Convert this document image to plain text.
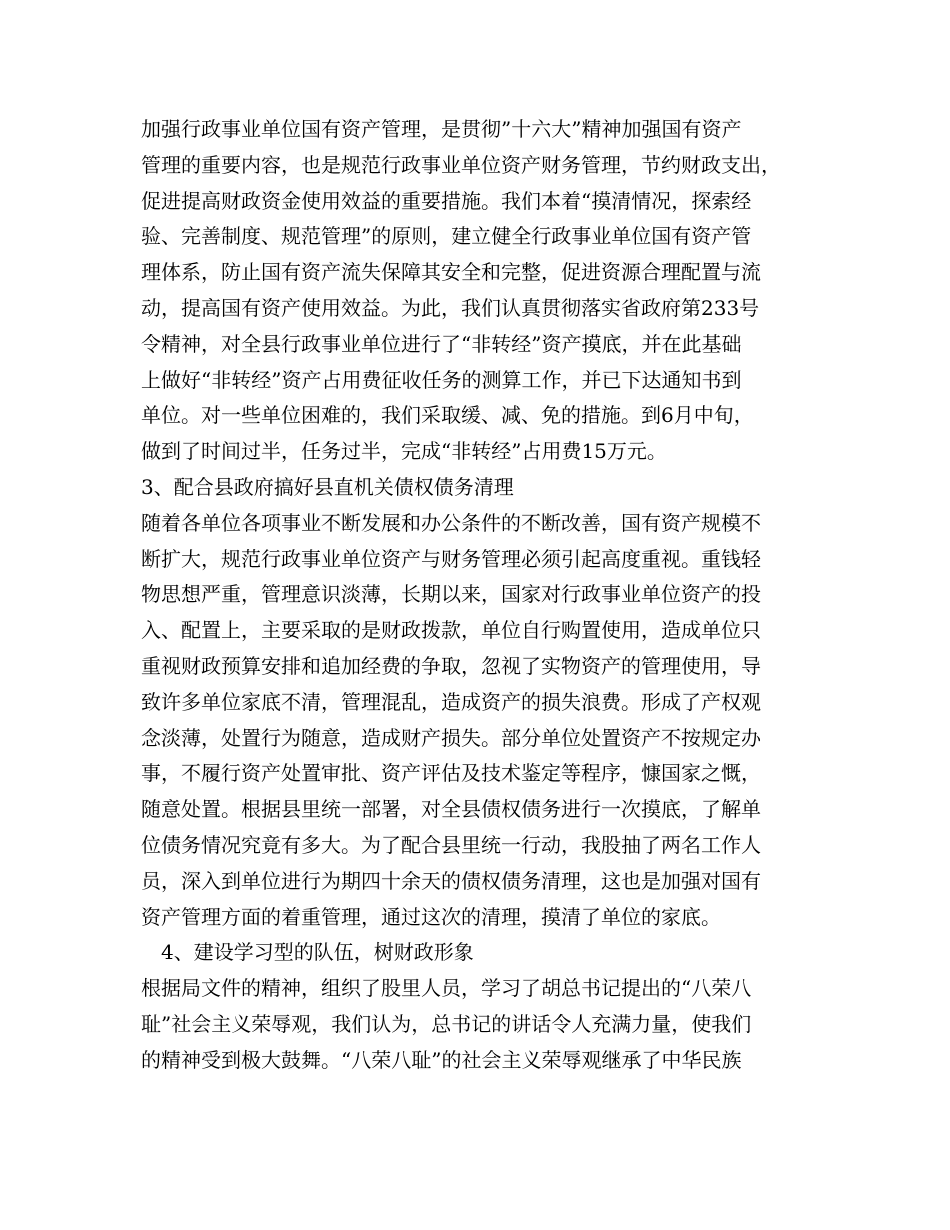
加强行政事业单位国有资产管理，是贯彻”十六大”精神加强国有资产
管理的重要内容，也是规范行政事业单位资产财务管理，节约财政支出，
促进提高财政资金使用效益的重要措施。我们本着“摸清情况，探索经
验、完善制度、规范管理”的原则，建立健全行政事业单位国有资产管
理体系，防止国有资产流失保障其安全和完整，促进资源合理配置与流
动，提高国有资产使用效益。为此，我们认真贯彻落实省政府第233号
令精神，对全县行政事业单位进行了“非转经”资产摸底，并在此基础
上做好“非转经”资产占用费征收任务的测算工作，并已下达通知书到
单位。对一些单位困难的，我们采取缓、减、免的措施。到6月中旬，
做到了时间过半，任务过半，完成“非转经”占用费15万元。
3、配合县政府搞好县直机关债权债务清理
随着各单位各项事业不断发展和办公条件的不断改善，国有资产规模不
断扩大，规范行政事业单位资产与财务管理必须引起高度重视。重钱轻
物思想严重，管理意识淡薄，长期以来，国家对行政事业单位资产的投
入、配置上，主要采取的是财政拨款，单位自行购置使用，造成单位只
重视财政预算安排和追加经费的争取，忽视了实物资产的管理使用，导
致许多单位家底不清，管理混乱，造成资产的损失浪费。形成了产权观
念淡薄，处置行为随意，造成财产损失。部分单位处置资产不按规定办
事，不履行资产处置审批、资产评估及技术鉴定等程序，慷国家之慨，
随意处置。根据县里统一部署，对全县债权债务进行一次摸底，了解单
位债务情况究竟有多大。为了配合县里统一行动，我股抽了两名工作人
员，深入到单位进行为期四十余天的债权债务清理，这也是加强对国有
资产管理方面的着重管理，通过这次的清理，摸清了单位的家底。
4、建设学习型的队伍，树财政形象
根据局文件的精神，组织了股里人员，学习了胡总书记提出的“八荣八
耻”社会主义荣辱观，我们认为，总书记的讲话令人充满力量，使我们
的精神受到极大鼓舞。“八荣八耻”的社会主义荣辱观继承了中华民族
